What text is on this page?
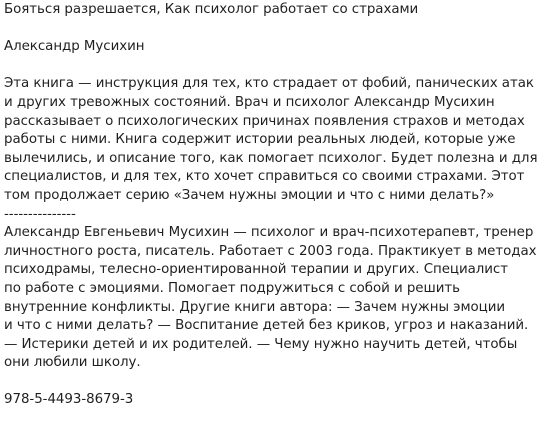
Бояться разрешается, Как психолог работает со страхами
Александр Мусихин
Эта книга — инструкция для тех, кто страдает от фобий, панических атак
и других тревожных состояний. Врач и психолог Александр Мусихин
рассказывает о психологических причинах появления страхов и методах
работы с ними. Книга содержит истории реальных людей, которые уже
вылечились, и описание того, как помогает психолог. Будет полезна и для
специалистов, и для тех, кто хочет справиться со своими страхами. Этот
том продолжает серию «Зачем нужны эмоции и что с ними делать?»
---------------
Александр Евгеньевич Мусихин — психолог и врач-психотерапевт, тренер
личностного роста, писатель. Работает с 2003 года. Практикует в методах
психодрамы, телесно-ориентированной терапии и других. Специалист
по работе с эмоциями. Помогает подружиться с собой и решить
внутренние конфликты. Другие книги автора: — Зачем нужны эмоции
и что с ними делать? — Воспитание детей без криков, угроз и наказаний.
— Истерики детей и их родителей. — Чему нужно научить детей, чтобы
они любили школу.
978-5-4493-8679-3
